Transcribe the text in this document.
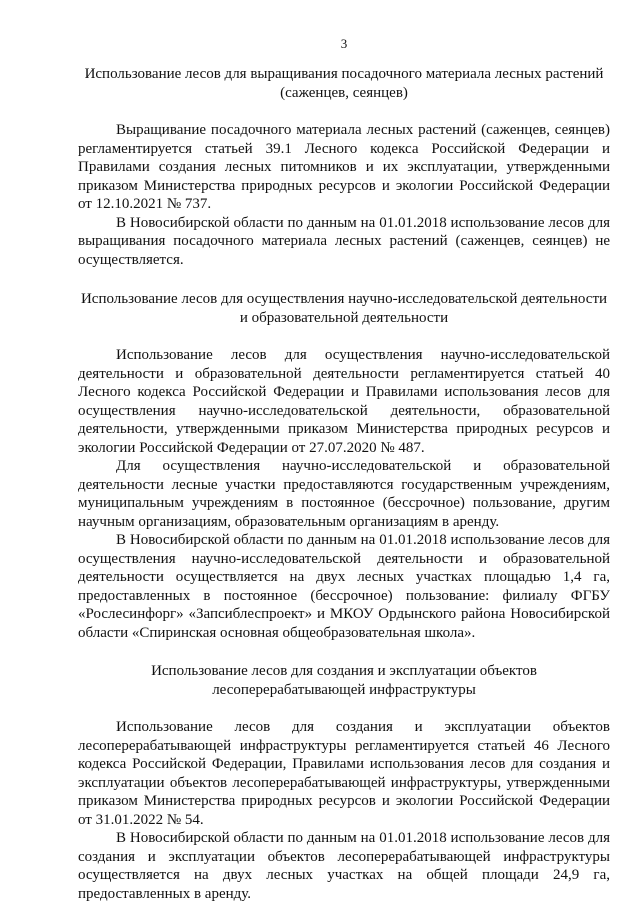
3

Использование лесов для выращивания посадочного материала лесных растений (саженцев, сеянцев)

Выращивание посадочного материала лесных растений (саженцев, сеянцев) регламентируется статьей 39.1 Лесного кодекса Российской Федерации и Правилами создания лесных питомников и их эксплуатации, утвержденными приказом Министерства природных ресурсов и экологии Российской Федерации от 12.10.2021 № 737.

В Новосибирской области по данным на 01.01.2018 использование лесов для выращивания посадочного материала лесных растений (саженцев, сеянцев) не осуществляется.

Использование лесов для осуществления научно-исследовательской деятельности и образовательной деятельности

Использование лесов для осуществления научно-исследовательской деятельности и образовательной деятельности регламентируется статьей 40 Лесного кодекса Российской Федерации и Правилами использования лесов для осуществления научно-исследовательской деятельности, образовательной деятельности, утвержденными приказом Министерства природных ресурсов и экологии Российской Федерации от 27.07.2020 № 487.

Для осуществления научно-исследовательской и образовательной деятельности лесные участки предоставляются государственным учреждениям, муниципальным учреждениям в постоянное (бессрочное) пользование, другим научным организациям, образовательным организациям в аренду.

В Новосибирской области по данным на 01.01.2018 использование лесов для осуществления научно-исследовательской деятельности и образовательной деятельности осуществляется на двух лесных участках площадью 1,4 га, предоставленных в постоянное (бессрочное) пользование: филиалу ФГБУ «Рослесинфорг» «Запсиблеспроект» и МКОУ Ордынского района Новосибирской области «Спиринская основная общеобразовательная школа».

Использование лесов для создания и эксплуатации объектов лесоперерабатывающей инфраструктуры

Использование лесов для создания и эксплуатации объектов лесоперерабатывающей инфраструктуры регламентируется статьей 46 Лесного кодекса Российской Федерации, Правилами использования лесов для создания и эксплуатации объектов лесоперерабатывающей инфраструктуры, утвержденными приказом Министерства природных ресурсов и экологии Российской Федерации от 31.01.2022 № 54.

В Новосибирской области по данным на 01.01.2018 использование лесов для создания и эксплуатации объектов лесоперерабатывающей инфраструктуры осуществляется на двух лесных участках на общей площади 24,9 га, предоставленных в аренду.
